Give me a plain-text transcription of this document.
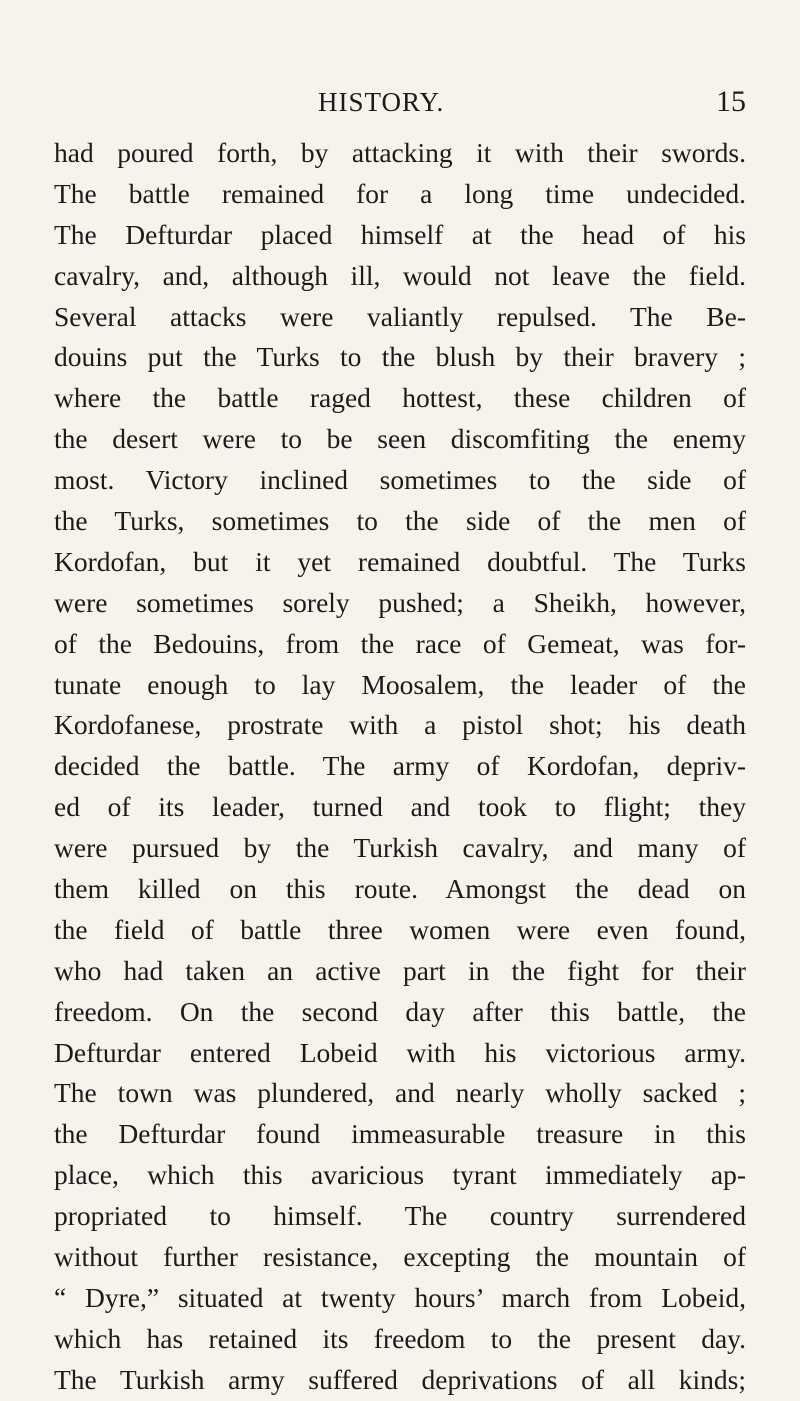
HISTORY.	15
had poured forth, by attacking it with their swords.
The battle remained for a long time undecided.
The Defturdar placed himself at the head of his
cavalry, and, although ill, would not leave the field.
Several attacks were valiantly repulsed. The Be-
douins put the Turks to the blush by their bravery ;
where the battle raged hottest, these children of
the desert were to be seen discomfiting the enemy
most. Victory inclined sometimes to the side of
the Turks, sometimes to the side of the men of
Kordofan, but it yet remained doubtful. The Turks
were sometimes sorely pushed; a Sheikh, however,
of the Bedouins, from the race of Gemeat, was for-
tunate enough to lay Moosalem, the leader of the
Kordofanese, prostrate with a pistol shot; his death
decided the battle. The army of Kordofan, depriv-
ed of its leader, turned and took to flight; they
were pursued by the Turkish cavalry, and many of
them killed on this route. Amongst the dead on
the field of battle three women were even found,
who had taken an active part in the fight for their
freedom. On the second day after this battle, the
Defturdar entered Lobeid with his victorious army.
The town was plundered, and nearly wholly sacked ;
the Defturdar found immeasurable treasure in this
place, which this avaricious tyrant immediately ap-
propriated to himself. The country surrendered
without further resistance, excepting the mountain of
“ Dyre,” situated at twenty hours’ march from Lobeid,
which has retained its freedom to the present day.
The Turkish army suffered deprivations of all kinds;
